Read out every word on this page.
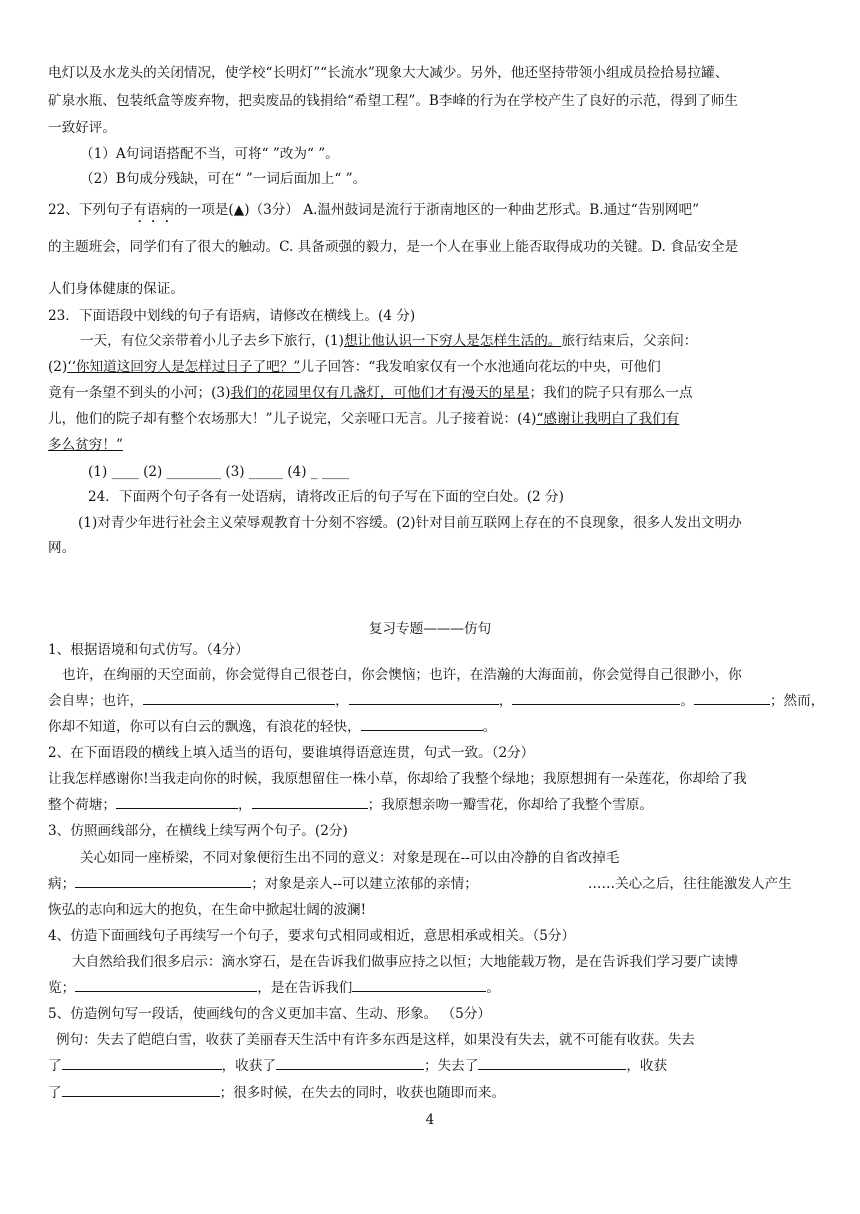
电灯以及水龙头的关闭情况，使学校“长明灯”“长流水”现象大大减少。另外，他还坚持带领小组成员捡拾易拉罐、
矿泉水瓶、包装纸盒等废弃物，把卖废品的钱捐给“希望工程”。B李峰的行为在学校产生了良好的示范，得到了师生
一致好评。
（1）A句词语搭配不当，可将“ ”改为“ ”。
（2）B句成分残缺，可在“ ”一词后面加上“ ”。
22、下列句子有语病的一项是(▲)（3分） A.温州鼓词是流行于浙南地区的一种曲艺形式。B.通过“告别网吧”
的主题班会，同学们有了很大的触动。C. 具备顽强的毅力，是一个人在事业上能否取得成功的关键。D. 食品安全是
人们身体健康的保证。
23．下面语段中划线的句子有语病，请修改在横线上。(4 分)
一天，有位父亲带着小儿子去乡下旅行，(1)想让他认识一下穷人是怎样生活的。旅行结束后，父亲问：
(2)‘‘你知道这回穷人是怎样过日子了吧？”儿子回答：“我发咱家仅有一个水池通向花坛的中央，可他们
竟有一条望不到头的小河；(3)我们的花园里仅有几盏灯，可他们才有漫天的星星；我们的院子只有那么一点
儿，他们的院子却有整个农场那大！”儿子说完，父亲哑口无言。儿子接着说：(4)“感谢让我明白了我们有
多么贫穷！”
(1) ____ (2) ________ (3) _____ (4) _ ____
24．下面两个句子各有一处语病，请将改正后的句子写在下面的空白处。(2 分)
(1)对青少年进行社会主义荣辱观教育十分刻不容缓。(2)针对目前互联网上存在的不良现象，很多人发出文明办
网。
复习专题———仿句
1、根据语境和句式仿写。（4分）
也许，在绚丽的天空面前，你会觉得自己很苍白，你会懊恼；也许，在浩瀚的大海面前，你会觉得自己很渺小，你
会自卑；也许，	，	，	。	；然而，
你却不知道，你可以有白云的飘逸，有浪花的轻快，	。
2、在下面语段的横线上填入适当的语句，要谁填得语意连贯，句式一致。（2分）
让我怎样感谢你!当我走向你的时候，我原想留住一株小草，你却给了我整个绿地；我原想拥有一朵莲花，你却给了我
整个荷塘；	，	；我原想亲吻一瓣雪花，你却给了我整个雪原。
3、仿照画线部分，在横线上续写两个句子。(2分)
关心如同一座桥梁，不同对象便衍生出不同的意义：对象是现在--可以由冷静的自省改掉毛
病；	；对象是亲人--可以建立浓郁的亲情；	……关心之后，往往能激发人产生
恢弘的志向和远大的抱负，在生命中掀起壮阔的波澜!
4、仿造下面画线句子再续写一个句子，要求句式相同或相近，意思相承或相关。（5分）
大自然给我们很多启示：滴水穿石，是在告诉我们做事应持之以恒；大地能载万物，是在告诉我们学习要广读博
览；	，是在告诉我们	。
5、仿造例句写一段话，使画线句的含义更加丰富、生动、形象。 （5分）
例句：失去了皑皑白雪，收获了美丽春天生活中有许多东西是这样，如果没有失去，就不可能有收获。失去
了	，收获了	；失去了	，收获
了	；很多时候，在失去的同时，收获也随即而来。
4
